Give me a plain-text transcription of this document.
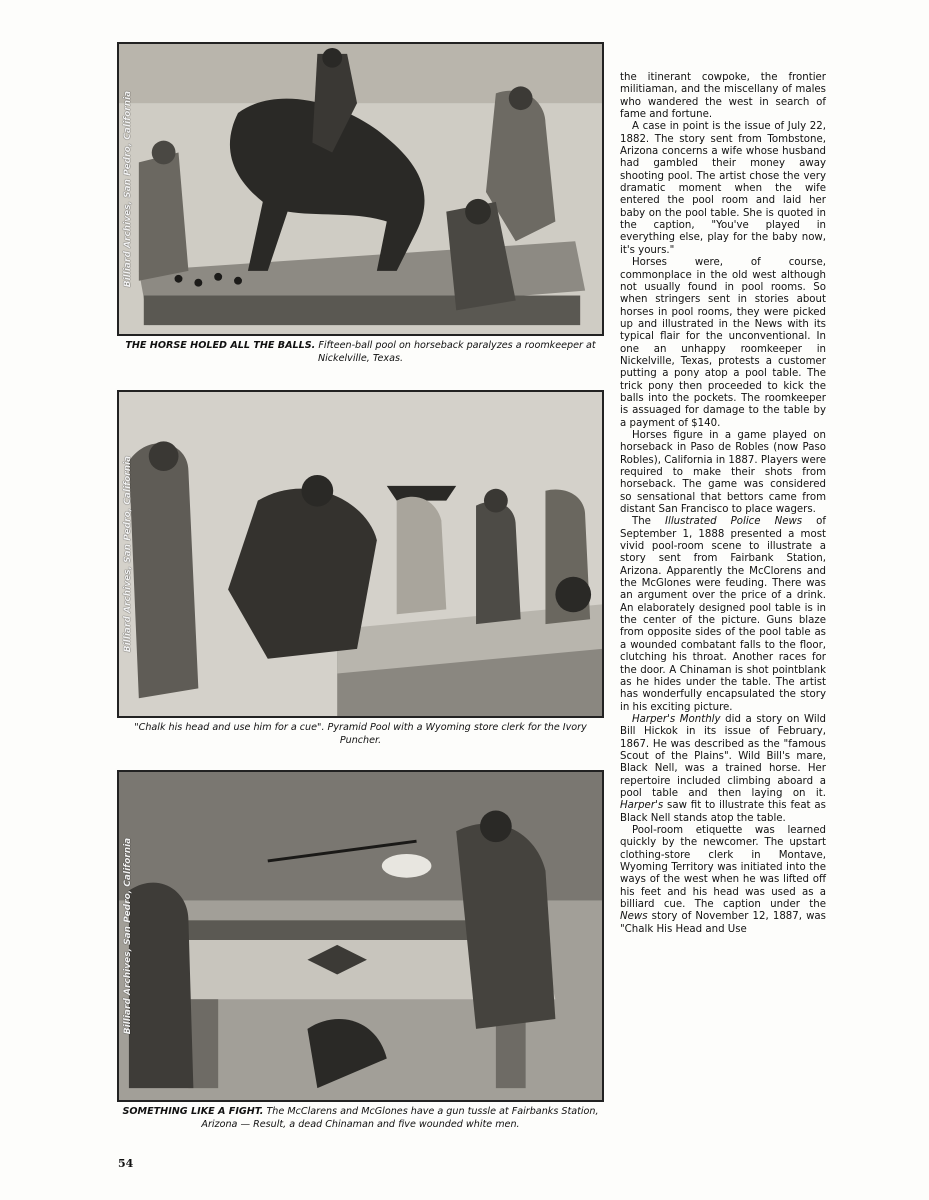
Billiard Archives, San Pedro, California
THE HORSE HOLED ALL THE BALLS. Fifteen-ball pool on horseback paralyzes a roomkeeper at Nickelville, Texas.
Billiard Archives, San Pedro, California
"Chalk his head and use him for a cue". Pyramid Pool with a Wyoming store clerk for the Ivory Puncher.
Billiard Archives, San Pedro, California
SOMETHING LIKE A FIGHT. The McClarens and McGlones have a gun tussle at Fairbanks Station, Arizona — Result, a dead Chinaman and five wounded white men.

the itinerant cowpoke, the frontier militiaman, and the miscellany of males who wandered the west in search of fame and fortune.

A case in point is the issue of July 22, 1882. The story sent from Tombstone, Arizona concerns a wife whose husband had gambled their money away shooting pool. The artist chose the very dramatic moment when the wife entered the pool room and laid her baby on the pool table. She is quoted in the caption, "You've played in everything else, play for the baby now, it's yours."

Horses were, of course, commonplace in the old west although not usually found in pool rooms. So when stringers sent in stories about horses in pool rooms, they were picked up and illustrated in the News with its typical flair for the unconventional. In one an unhappy roomkeeper in Nickelville, Texas, protests a customer putting a pony atop a pool table. The trick pony then proceeded to kick the balls into the pockets. The roomkeeper is assuaged for damage to the table by a payment of $140.

Horses figure in a game played on horseback in Paso de Robles (now Paso Robles), California in 1887. Players were required to make their shots from horseback. The game was considered so sensational that bettors came from distant San Francisco to place wagers.

The Illustrated Police News of September 1, 1888 presented a most vivid pool-room scene to illustrate a story sent from Fairbank Station, Arizona. Apparently the McClorens and the McGlones were feuding. There was an argument over the price of a drink. An elaborately designed pool table is in the center of the picture. Guns blaze from opposite sides of the pool table as a wounded combatant falls to the floor, clutching his throat. Another races for the door. A Chinaman is shot pointblank as he hides under the table. The artist has wonderfully encapsulated the story in his exciting picture.

Harper's Monthly did a story on Wild Bill Hickok in its issue of February, 1867. He was described as the "famous Scout of the Plains". Wild Bill's mare, Black Nell, was a trained horse. Her repertoire included climbing aboard a pool table and then laying on it. Harper's saw fit to illustrate this feat as Black Nell stands atop the table.

Pool-room etiquette was learned quickly by the newcomer. The upstart clothing-store clerk in Montave, Wyoming Territory was initiated into the ways of the west when he was lifted off his feet and his head was used as a billiard cue. The caption under the News story of November 12, 1887, was "Chalk His Head and Use

54
